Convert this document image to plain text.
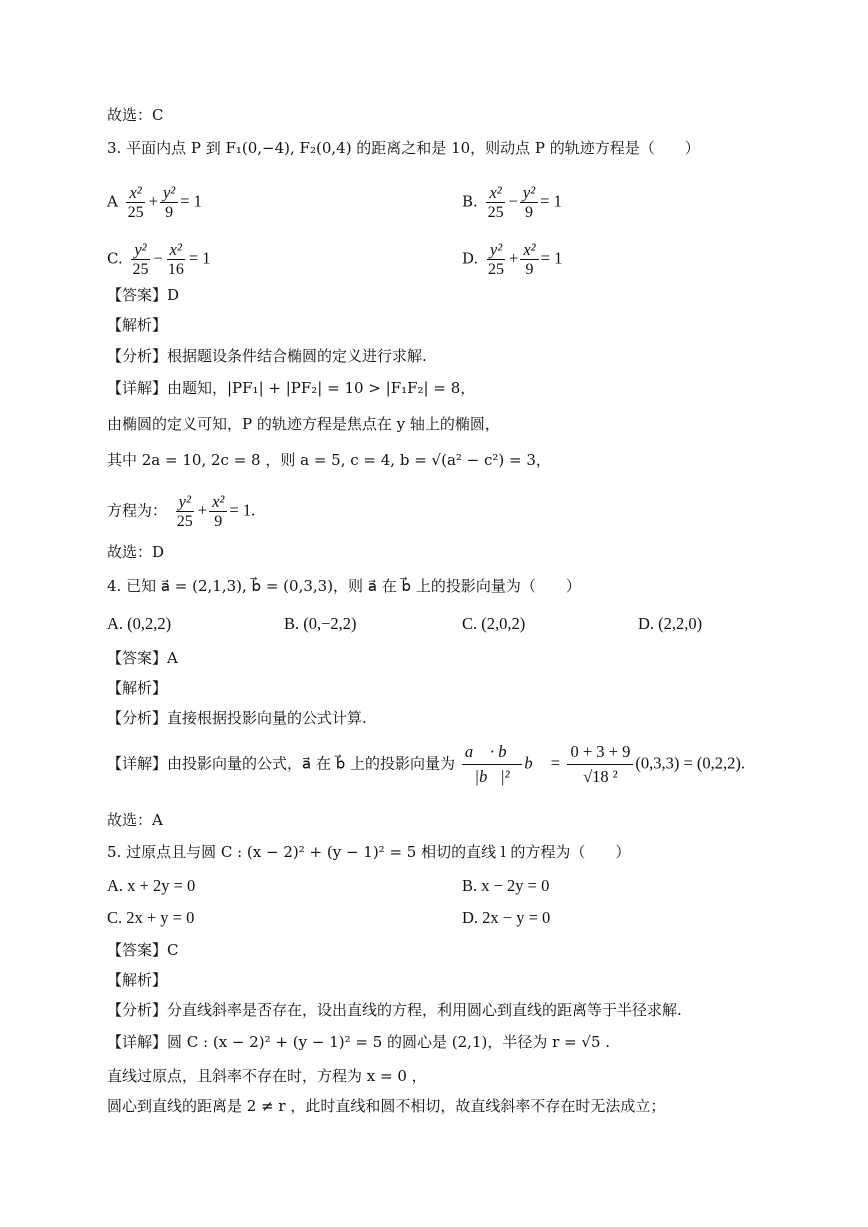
故选：C
3. 平面内点 P 到 F₁(0,−4), F₂(0,4) 的距离之和是 10，则动点 P 的轨迹方程是（　　）
A $\frac{\text{x²}}{25} + \frac{\text{y²}}{9} = 1$	B. $\frac{\text{x²}}{25} - \frac{\text{y²}}{9} = 1$
C. $\frac{\text{y²}}{25} - \frac{\text{x²}}{16} = 1$	D. $\frac{\text{y²}}{25} + \frac{\text{x²}}{9} = 1$
【答案】D
【解析】
【分析】根据题设条件结合椭圆的定义进行求解.
【详解】由题知，|PF₁| + |PF₂| = 10 > |F₁F₂| = 8，
由椭圆的定义可知，P 的轨迹方程是焦点在 y 轴上的椭圆，
其中 2a = 10, 2c = 8 ，则 a = 5, c = 4, b = √(a² − c²) = 3，
方程为： $\frac{\text{y²}}{25} + \frac{\text{x²}}{9} = 1$.
故选：D
4. 已知 a⃗ = (2,1,3), b⃗ = (0,3,3)，则 a⃗ 在 b⃗ 上的投影向量为（　　）
A. (0,2,2)	B. (0,−2,2)	C. (2,0,2)	D. (2,2,0)
【答案】A
【解析】
【分析】直接根据投影向量的公式计算.
【详解】由投影向量的公式，a⃗ 在 b⃗ 上的投影向量为 $\frac{a⃗ \cdot b⃗}{\text{|b⃗|²}}$ b⃗ = $\frac{0 + 3 + 9}{\text{√18 ²}} (0,3,3) = (0,2,2)$.
故选：A
5. 过原点且与圆 C : (x − 2)² + (y − 1)² = 5 相切的直线 l 的方程为（　　）
A. x + 2y = 0	B. x − 2y = 0
C. 2x + y = 0	D. 2x − y = 0
【答案】C
【解析】
【分析】分直线斜率是否存在，设出直线的方程，利用圆心到直线的距离等于半径求解.
【详解】圆 C : (x − 2)² + (y − 1)² = 5 的圆心是 (2,1)，半径为 r = √5 .
直线过原点，且斜率不存在时，方程为 x = 0 ，
圆心到直线的距离是 2 ≠ r ，此时直线和圆不相切，故直线斜率不存在时无法成立；
